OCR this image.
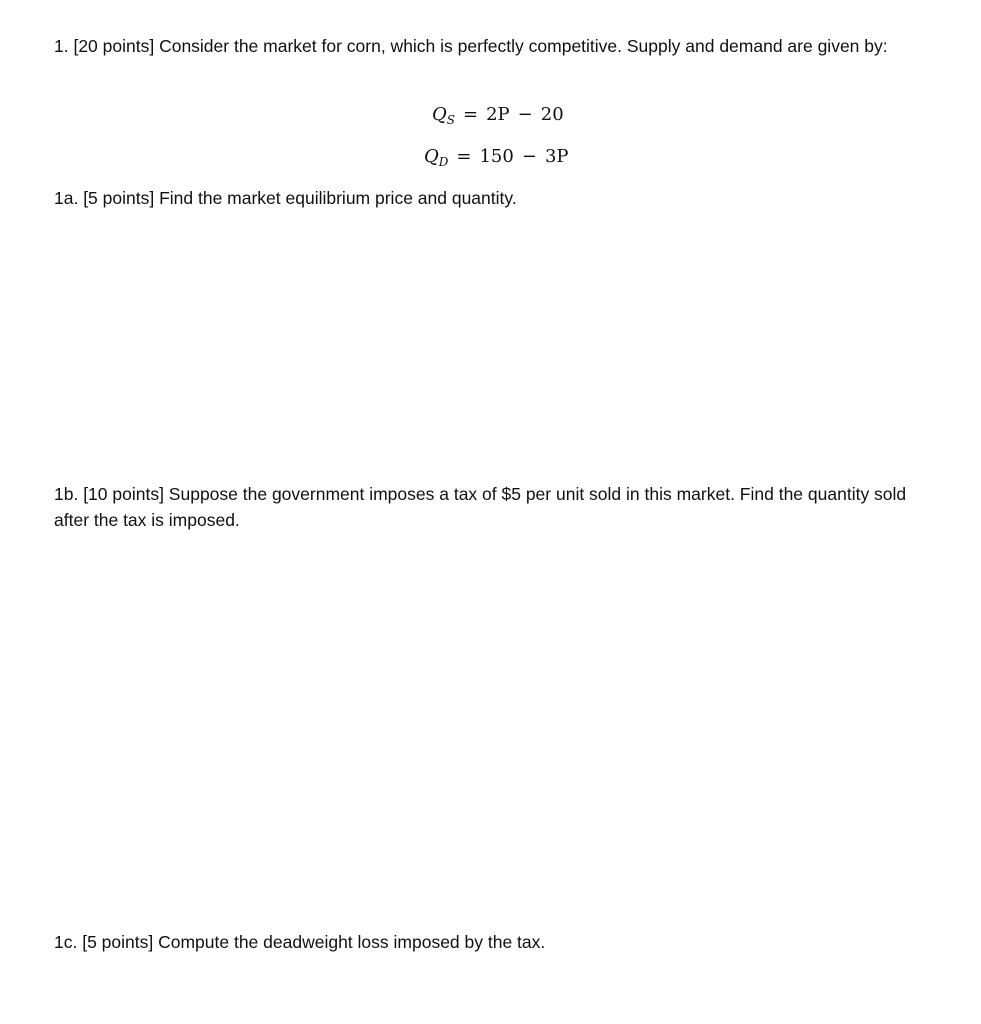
1. [20 points] Consider the market for corn, which is perfectly competitive. Supply and demand are given by:

$Q_S = 2P - 20$
$Q_D = 150 - 3P$

1a. [5 points] Find the market equilibrium price and quantity.

1b. [10 points] Suppose the government imposes a tax of $5 per unit sold in this market. Find the quantity sold after the tax is imposed.

1c. [5 points] Compute the deadweight loss imposed by the tax.
